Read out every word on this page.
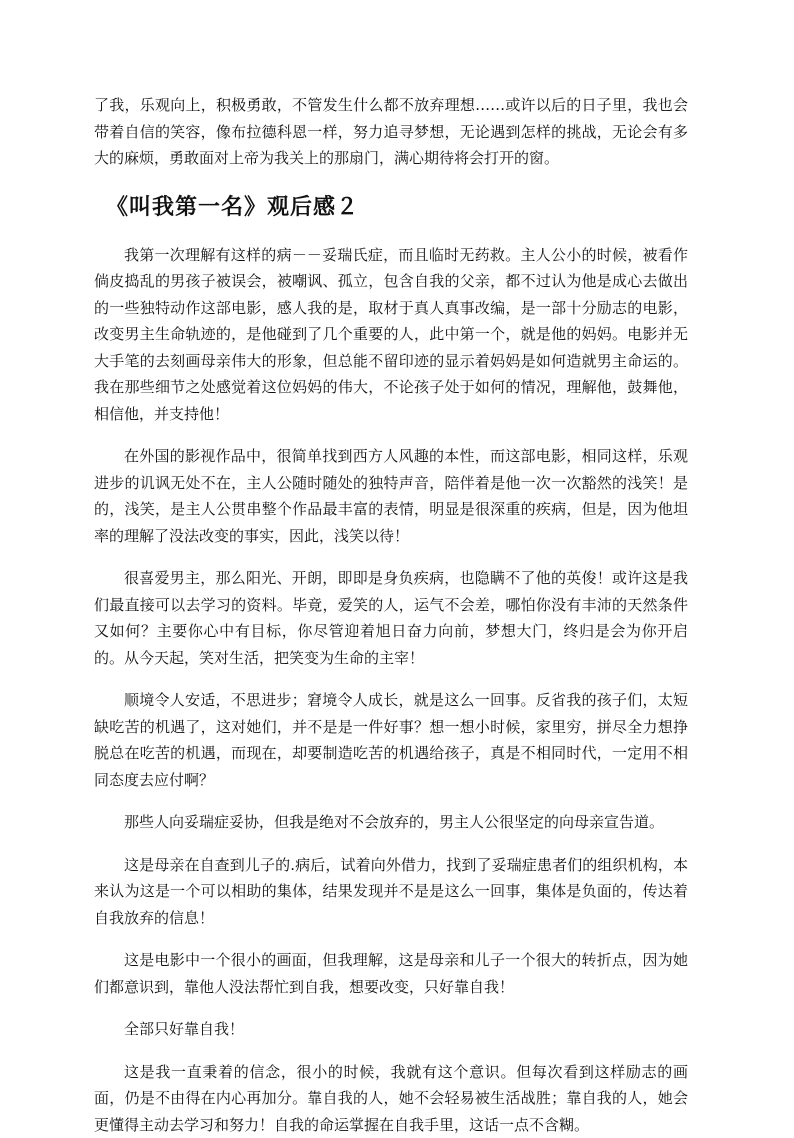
了我，乐观向上，积极勇敢，不管发生什么都不放弃理想……或许以后的日子里，我也会带着自信的笑容，像布拉德科恩一样，努力追寻梦想，无论遇到怎样的挑战，无论会有多大的麻烦，勇敢面对上帝为我关上的那扇门，满心期待将会打开的窗。

《叫我第一名》观后感２

我第一次理解有这样的病－－妥瑞氏症，而且临时无药救。主人公小的时候，被看作倘皮捣乱的男孩子被误会，被嘲讽、孤立，包含自我的父亲，都不过认为他是成心去做出的一些独特动作这部电影，感人我的是，取材于真人真事改编，是一部十分励志的电影，改变男主生命轨迹的，是他碰到了几个重要的人，此中第一个，就是他的妈妈。电影并无大手笔的去刻画母亲伟大的形象，但总能不留印迹的显示着妈妈是如何造就男主命运的。我在那些细节之处感觉着这位妈妈的伟大，不论孩子处于如何的情况，理解他，鼓舞他，相信他，并支持他！

在外国的影视作品中，很简单找到西方人风趣的本性，而这部电影，相同这样，乐观进步的讥讽无处不在，主人公随时随处的独特声音，陪伴着是他一次一次豁然的浅笑！是的，浅笑，是主人公贯串整个作品最丰富的表情，明显是很深重的疾病，但是，因为他坦率的理解了没法改变的事实，因此，浅笑以待！

很喜爱男主，那么阳光、开朗，即即是身负疾病，也隐瞒不了他的英俊！或许这是我们最直接可以去学习的资料。毕竟，爱笑的人，运气不会差，哪怕你没有丰沛的天然条件又如何？主要你心中有目标，你尽管迎着旭日奋力向前，梦想大门，终归是会为你开启的。从今天起，笑对生活，把笑变为生命的主宰！

顺境令人安适，不思进步；窘境令人成长，就是这么一回事。反省我的孩子们，太短缺吃苦的机遇了，这对她们，并不是是一件好事？想一想小时候，家里穷，拼尽全力想挣脱总在吃苦的机遇，而现在，却要制造吃苦的机遇给孩子，真是不相同时代，一定用不相同态度去应付啊？

那些人向妥瑞症妥协，但我是绝对不会放弃的，男主人公很坚定的向母亲宣告道。

这是母亲在自查到儿子的.病后，试着向外借力，找到了妥瑞症患者们的组织机构，本来认为这是一个可以相助的集体，结果发现并不是是这么一回事，集体是负面的，传达着自我放弃的信息！

这是电影中一个很小的画面，但我理解，这是母亲和儿子一个很大的转折点，因为她们都意识到，靠他人没法帮忙到自我，想要改变，只好靠自我！

全部只好靠自我！

这是我一直秉着的信念，很小的时候，我就有这个意识。但每次看到这样励志的画面，仍是不由得在内心再加分。靠自我的人，她不会轻易被生活战胜；靠自我的人，她会更懂得主动去学习和努力！自我的命运掌握在自我手里，这话一点不含糊。
